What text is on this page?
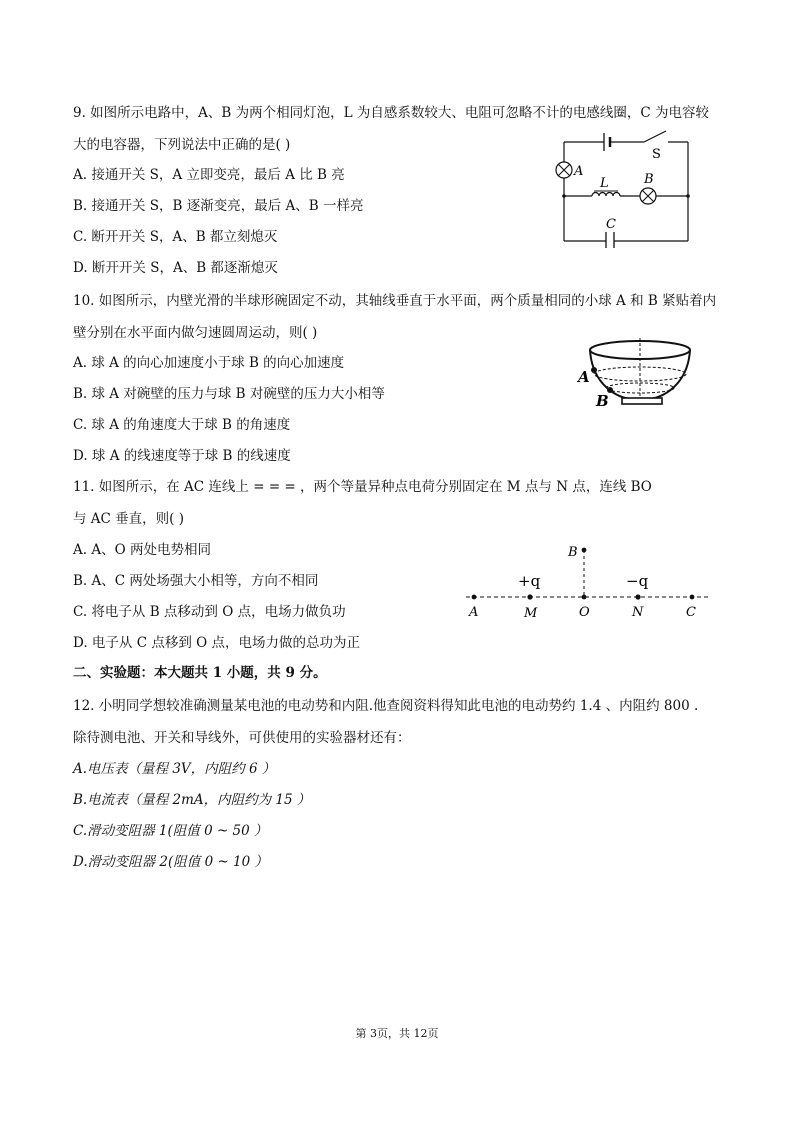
9. 如图所示电路中，A、B 为两个相同灯泡，L 为自感系数较大、电阻可忽略不计的电感线圈，C 为电容较
大的电容器，下列说法中正确的是( )
A. 接通开关 S，A 立即变亮，最后 A 比 B 亮
B. 接通开关 S，B 逐渐变亮，最后 A、B 一样亮
C. 断开开关 S，A、B 都立刻熄灭
D. 断开开关 S，A、B 都逐渐熄灭
S
A
L	B
C
10. 如图所示，内壁光滑的半球形碗固定不动，其轴线垂直于水平面，两个质量相同的小球 A 和 B 紧贴着内
壁分别在水平面内做匀速圆周运动，则( )
A. 球 A 的向心加速度小于球 B 的向心加速度
B. 球 A 对碗壁的压力与球 B 对碗壁的压力大小相等
C. 球 A 的角速度大于球 B 的角速度
D. 球 A 的线速度等于球 B 的线速度
A
B
11. 如图所示，在 AC 连线上 = = = ，两个等量异种点电荷分别固定在 M 点与 N 点，连线 BO
与 AC 垂直，则( )
A. A、O 两处电势相同
B. A、C 两处场强大小相等，方向不相同
C. 将电子从 B 点移动到 O 点，电场力做负功
D. 电子从 C 点移到 O 点，电场力做的总功为正
B
+q	−q
A	M	O	N	C
二、实验题：本大题共 1 小题，共 9 分。
12. 小明同学想较准确测量某电池的电动势和内阻.他查阅资料得知此电池的电动势约 1.4 、内阻约 800 .
除待测电池、开关和导线外，可供使用的实验器材还有：
A.电压表（量程 3V，内阻约 6 ）
B.电流表（量程 2mA，内阻约为 15 ）
C.滑动变阻器 1(阻值 0 ~ 50 ）
D.滑动变阻器 2(阻值 0 ~ 10 ）
第 3页，共 12页
